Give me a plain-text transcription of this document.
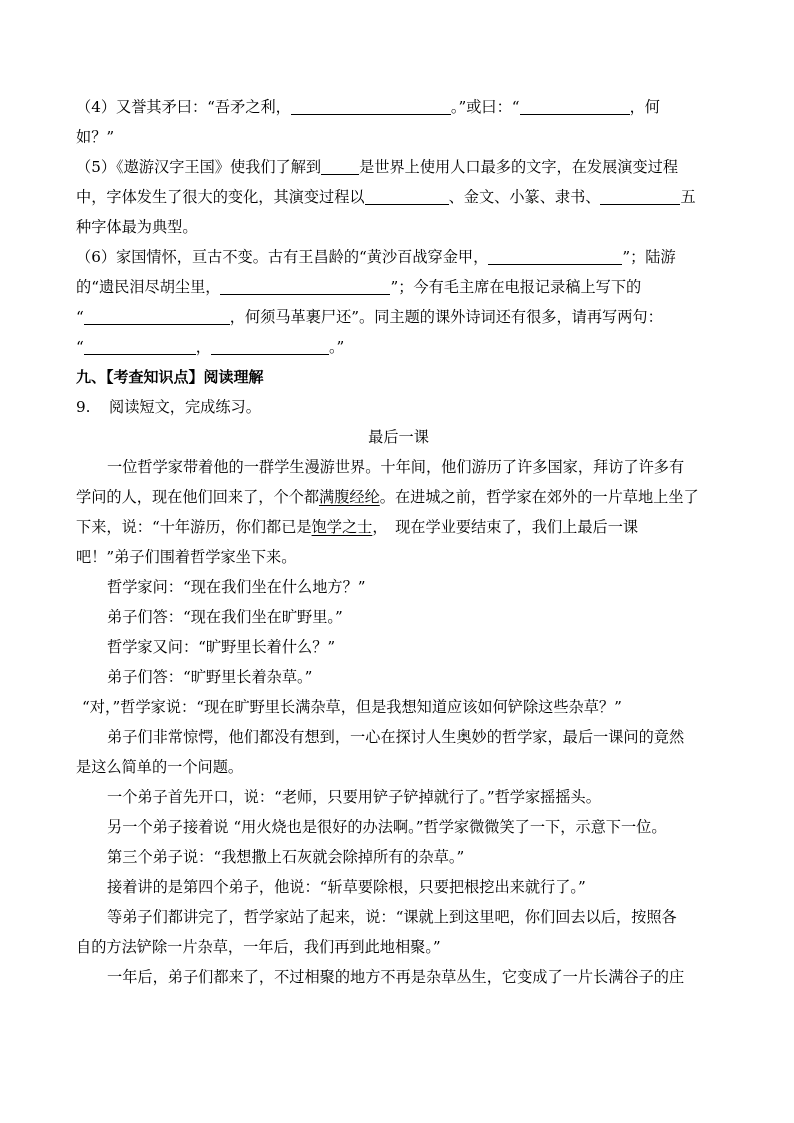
（4）又誉其矛曰：“吾矛之利，	。”或曰：“	，何
如？”
（5）《遨游汉字王国》使我们了解到	是世界上使用人口最多的文字，在发展演变过程
中，字体发生了很大的变化，其演变过程以	、金文、小篆、隶书、	五
种字体最为典型。
（6）家国情怀，亘古不变。古有王昌龄的“黄沙百战穿金甲，	”；陆游
的“遗民泪尽胡尘里，	”；今有毛主席在电报记录稿上写下的
“	，何须马革裹尸还”。同主题的课外诗词还有很多，请再写两句：
“	，	。”
九、【考查知识点】阅读理解
9. 阅读短文，完成练习。
最后一课
一位哲学家带着他的一群学生漫游世界。十年间，他们游历了许多国家，拜访了许多有
学问的人，现在他们回来了，个个都满腹经纶。在进城之前，哲学家在郊外的一片草地上坐了
下来，说：“十年游历，你们都已是饱学之士，　现在学业要结束了，我们上最后一课
吧！”弟子们围着哲学家坐下来。
哲学家问：“现在我们坐在什么地方？”
弟子们答：“现在我们坐在旷野里。”
哲学家又问：“旷野里长着什么？”
弟子们答：“旷野里长着杂草。”
“对，”哲学家说：“现在旷野里长满杂草，但是我想知道应该如何铲除这些杂草？”
弟子们非常惊愕，他们都没有想到，一心在探讨人生奥妙的哲学家，最后一课问的竟然
是这么简单的一个问题。
一个弟子首先开口，说：“老师，只要用铲子铲掉就行了。”哲学家摇摇头。
另一个弟子接着说 “用火烧也是很好的办法啊。”哲学家微微笑了一下，示意下一位。
第三个弟子说：“我想撒上石灰就会除掉所有的杂草。”
接着讲的是第四个弟子，他说：“斩草要除根，只要把根挖出来就行了。”
等弟子们都讲完了，哲学家站了起来，说：“课就上到这里吧，你们回去以后，按照各
自的方法铲除一片杂草，一年后，我们再到此地相聚。”
一年后，弟子们都来了，不过相聚的地方不再是杂草丛生，它变成了一片长满谷子的庄
